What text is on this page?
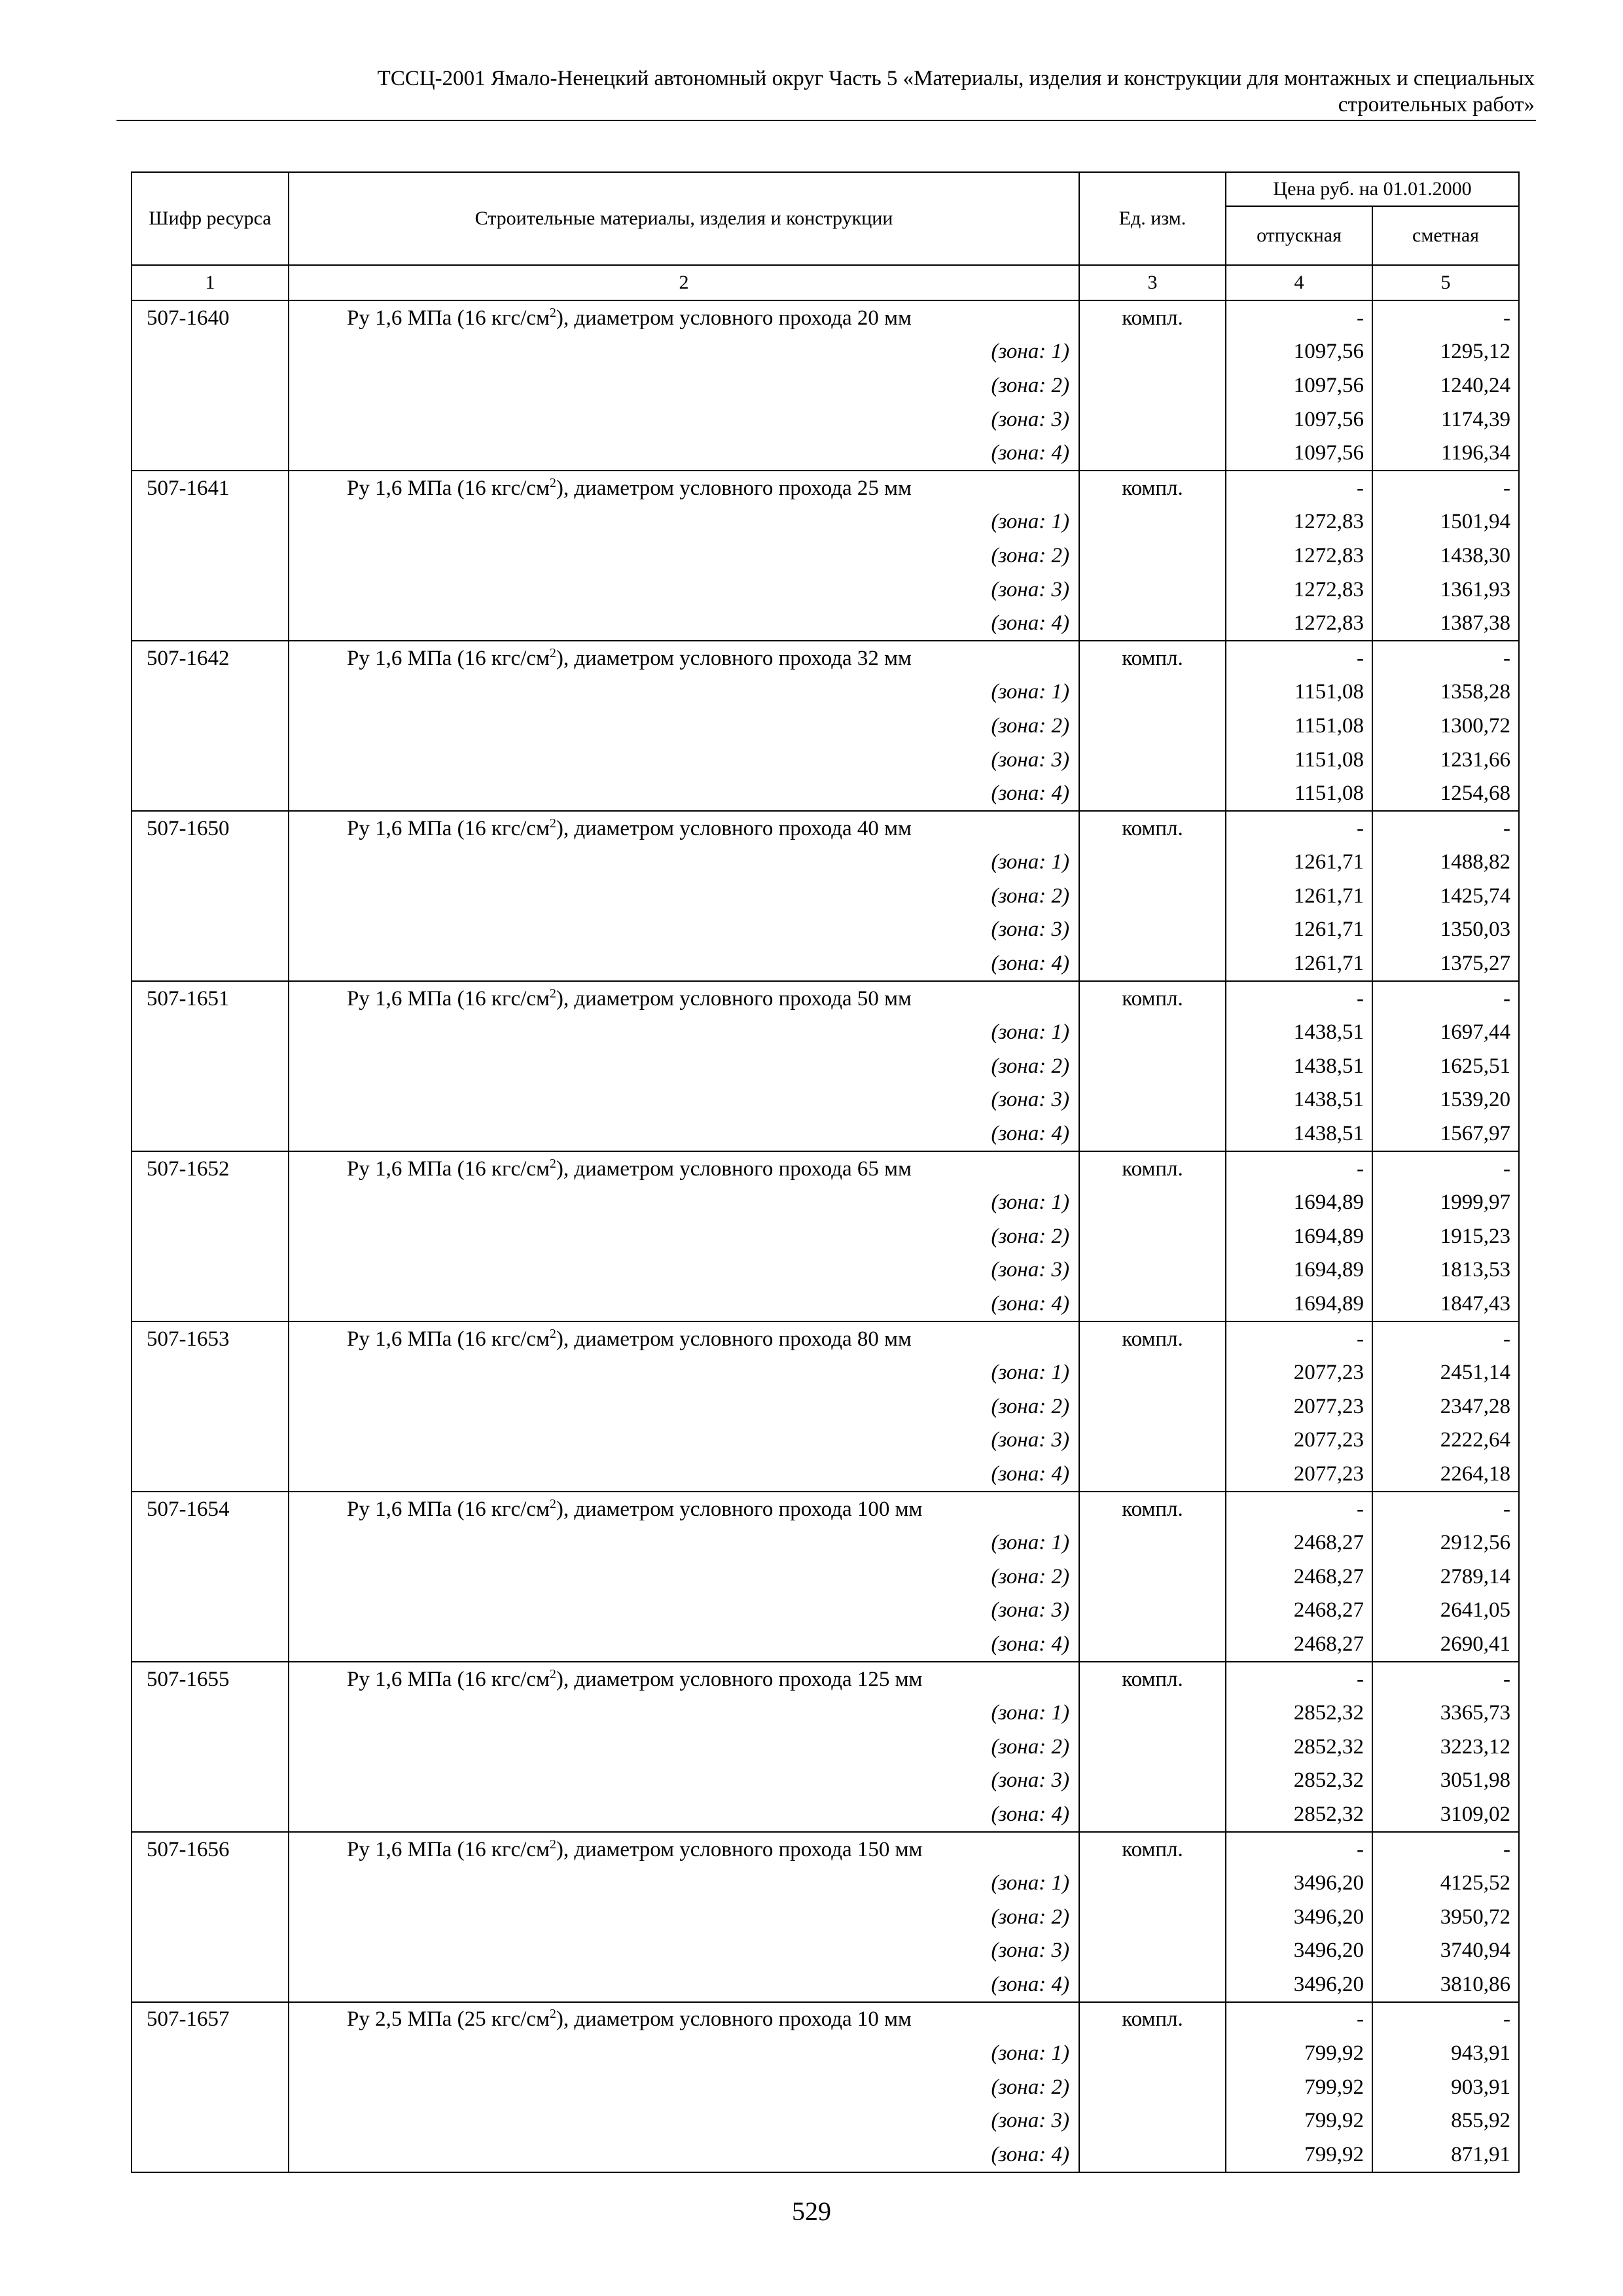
ТССЦ-2001 Ямало-Ненецкий автономный округ Часть 5 «Материалы, изделия и конструкции для монтажных и специальных
строительных работ»
Шифр ресурса	Строительные материалы, изделия и конструкции	Ед. изм.	Цена руб. на 01.01.2000	
			отпускная	сметная
1	2	3	4	5
507-1640	Ру 1,6 МПа (16 кгс/$см^2$), диаметром условного прохода 20 мм	компл.	-	-
	(зона: 1)		1097,56	1295,12
	(зона: 2)		1097,56	1240,24
	(зона: 3)		1097,56	1174,39
	(зона: 4)		1097,56	1196,34
507-1641	Ру 1,6 МПа (16 кгс/$см^2$), диаметром условного прохода 25 мм	компл.	-	-
	(зона: 1)		1272,83	1501,94
	(зона: 2)		1272,83	1438,30
	(зона: 3)		1272,83	1361,93
	(зона: 4)		1272,83	1387,38
507-1642	Ру 1,6 МПа (16 кгс/$см^2$), диаметром условного прохода 32 мм	компл.	-	-
	(зона: 1)		1151,08	1358,28
	(зона: 2)		1151,08	1300,72
	(зона: 3)		1151,08	1231,66
	(зона: 4)		1151,08	1254,68
507-1650	Ру 1,6 МПа (16 кгс/$см^2$), диаметром условного прохода 40 мм	компл.	-	-
	(зона: 1)		1261,71	1488,82
	(зона: 2)		1261,71	1425,74
	(зона: 3)		1261,71	1350,03
	(зона: 4)		1261,71	1375,27
507-1651	Ру 1,6 МПа (16 кгс/$см^2$), диаметром условного прохода 50 мм	компл.	-	-
	(зона: 1)		1438,51	1697,44
	(зона: 2)		1438,51	1625,51
	(зона: 3)		1438,51	1539,20
	(зона: 4)		1438,51	1567,97
507-1652	Ру 1,6 МПа (16 кгс/$см^2$), диаметром условного прохода 65 мм	компл.	-	-
	(зона: 1)		1694,89	1999,97
	(зона: 2)		1694,89	1915,23
	(зона: 3)		1694,89	1813,53
	(зона: 4)		1694,89	1847,43
507-1653	Ру 1,6 МПа (16 кгс/$см^2$), диаметром условного прохода 80 мм	компл.	-	-
	(зона: 1)		2077,23	2451,14
	(зона: 2)		2077,23	2347,28
	(зона: 3)		2077,23	2222,64
	(зона: 4)		2077,23	2264,18
507-1654	Ру 1,6 МПа (16 кгс/$см^2$), диаметром условного прохода 100 мм	компл.	-	-
	(зона: 1)		2468,27	2912,56
	(зона: 2)		2468,27	2789,14
	(зона: 3)		2468,27	2641,05
	(зона: 4)		2468,27	2690,41
507-1655	Ру 1,6 МПа (16 кгс/$см^2$), диаметром условного прохода 125 мм	компл.	-	-
	(зона: 1)		2852,32	3365,73
	(зона: 2)		2852,32	3223,12
	(зона: 3)		2852,32	3051,98
	(зона: 4)		2852,32	3109,02
507-1656	Ру 1,6 МПа (16 кгс/$см^2$), диаметром условного прохода 150 мм	компл.	-	-
	(зона: 1)		3496,20	4125,52
	(зона: 2)		3496,20	3950,72
	(зона: 3)		3496,20	3740,94
	(зона: 4)		3496,20	3810,86
507-1657	Ру 2,5 МПа (25 кгс/$см^2$), диаметром условного прохода 10 мм	компл.	-	-
	(зона: 1)		799,92	943,91
	(зона: 2)		799,92	903,91
	(зона: 3)		799,92	855,92
	(зона: 4)		799,92	871,91
529
